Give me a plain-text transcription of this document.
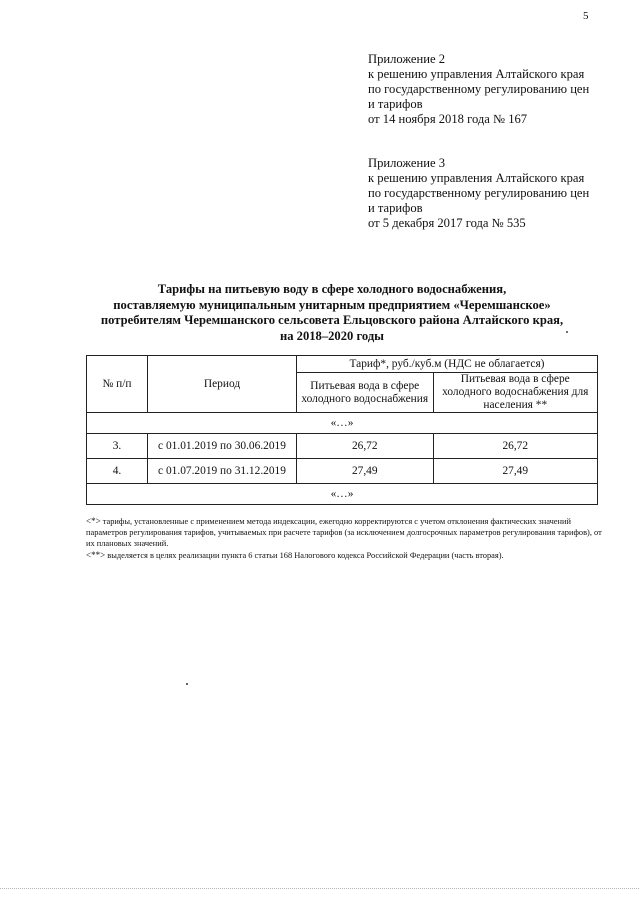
5
Приложение 2
к решению управления Алтайского края
по государственному регулированию цен
и тарифов
от 14 ноября 2018 года № 167
Приложение 3
к решению управления Алтайского края
по государственному регулированию цен
и тарифов
от 5 декабря 2017 года № 535
Тарифы на питьевую воду в сфере холодного водоснабжения,
поставляемую муниципальным унитарным предприятием «Черемшанское»
потребителям Черемшанского сельсовета Ельцовского района Алтайского края,
на 2018–2020 годы
№ п/п	Период	Тариф*, руб./куб.м (НДС не облагается)	
		Питьевая вода в сфере холодного водоснабжения	Питьевая вода в сфере холодного водоснабжения для населения **
«…»			
3.	с 01.01.2019 по 30.06.2019	26,72	26,72
4.	с 01.07.2019 по 31.12.2019	27,49	27,49
«…»			

<*> тарифы, установленные с применением метода индексации, ежегодно корректируются с учетом отклонения фактических значений параметров регулирования тарифов, учитываемых при расчете тарифов (за исключением долгосрочных параметров регулирования тарифов), от их плановых значений.

<**> выделяется в целях реализации пункта 6 статьи 168 Налогового кодекса Российской Федерации (часть вторая).
